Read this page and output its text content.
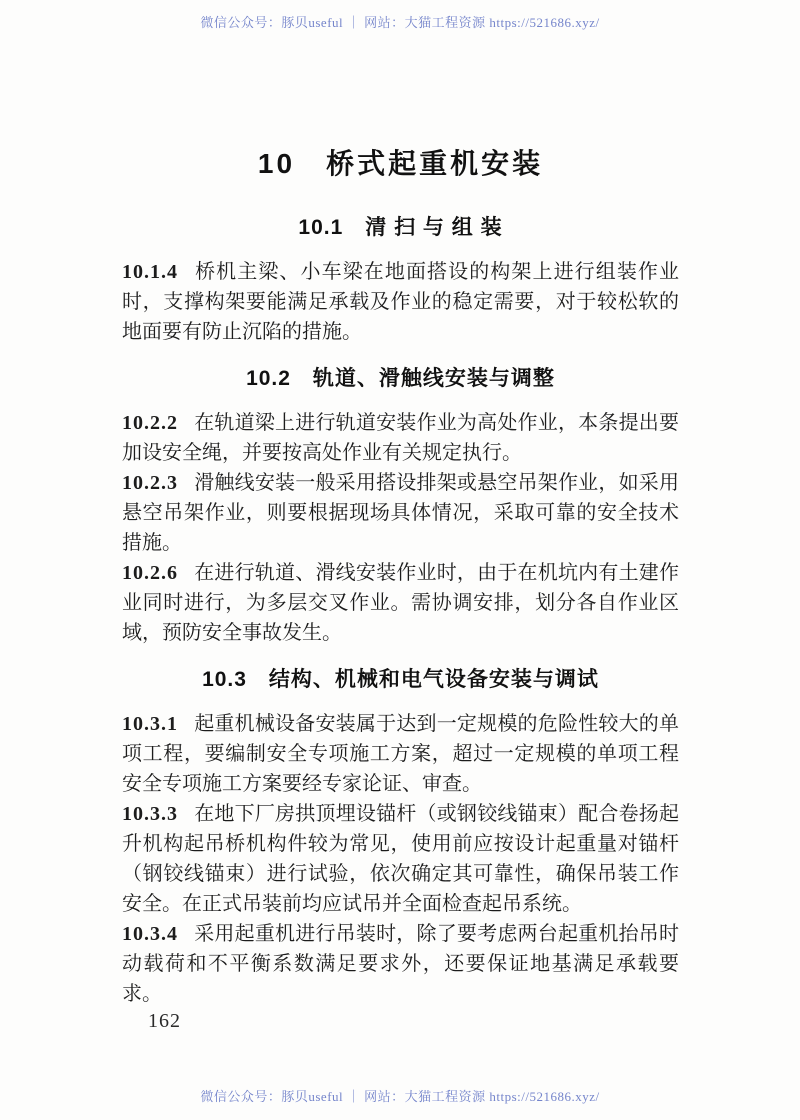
微信公众号：豚贝useful ｜ 网站：大猫工程资源 https://521686.xyz/
10　桥式起重机安装
10.1　清 扫 与 组 装

10.1.4 桥机主梁、小车梁在地面搭设的构架上进行组装作业时，支撑构架要能满足承载及作业的稳定需要，对于较松软的地面要有防止沉陷的措施。

10.2　轨道、滑触线安装与调整

10.2.2 在轨道梁上进行轨道安装作业为高处作业，本条提出要加设安全绳，并要按高处作业有关规定执行。

10.2.3 滑触线安装一般采用搭设排架或悬空吊架作业，如采用悬空吊架作业，则要根据现场具体情况，采取可靠的安全技术措施。

10.2.6 在进行轨道、滑线安装作业时，由于在机坑内有土建作业同时进行，为多层交叉作业。需协调安排，划分各自作业区域，预防安全事故发生。

10.3　结构、机械和电气设备安装与调试

10.3.1 起重机械设备安装属于达到一定规模的危险性较大的单项工程，要编制安全专项施工方案，超过一定规模的单项工程安全专项施工方案要经专家论证、审查。

10.3.3 在地下厂房拱顶埋设锚杆（或钢铰线锚束）配合卷扬起升机构起吊桥机构件较为常见，使用前应按设计起重量对锚杆（钢铰线锚束）进行试验，依次确定其可靠性，确保吊装工作安全。在正式吊装前均应试吊并全面检查起吊系统。

10.3.4 采用起重机进行吊装时，除了要考虑两台起重机抬吊时动载荷和不平衡系数满足要求外，还要保证地基满足承载要求。

162
微信公众号：豚贝useful ｜ 网站：大猫工程资源 https://521686.xyz/
